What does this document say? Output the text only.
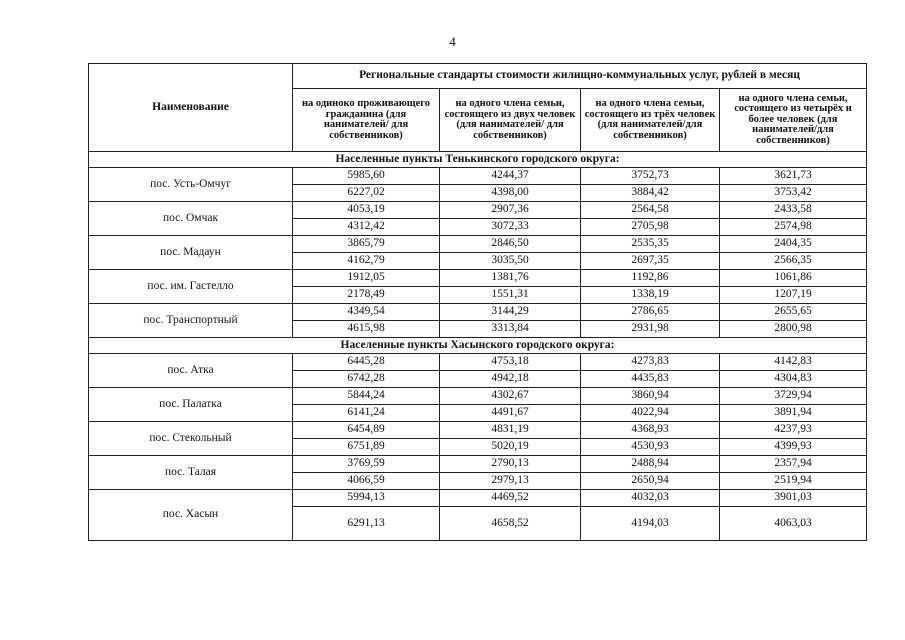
4
Наименование	Региональные стандарты стоимости жилищно-коммунальных услуг, рублей в месяц			
	на одиноко проживающего гражданина (для нанимателей/ для собственников)	на одного члена семьи, состоящего из двух человек (для нанимателей/ для собственников)	на одного члена семьи, состоящего из трёх человек (для нанимателей/для собственников)	на одного члена семьи, состоящего из четырёх и более человек (для нанимателей/для собственников)
Населенные пункты Тенькинского городского округа:				
пос. Усть-Омчуг	5985,60	4244,37	3752,73	3621,73
	6227,02	4398,00	3884,42	3753,42
пос. Омчак	4053,19	2907,36	2564,58	2433,58
	4312,42	3072,33	2705,98	2574,98
пос. Мадаун	3865,79	2846,50	2535,35	2404,35
	4162,79	3035,50	2697,35	2566,35
пос. им. Гастелло	1912,05	1381,76	1192,86	1061,86
	2178,49	1551,31	1338,19	1207,19
пос. Транспортный	4349,54	3144,29	2786,65	2655,65
	4615,98	3313,84	2931,98	2800,98
Населенные пункты Хасынского городского округа:				
пос. Атка	6445,28	4753,18	4273,83	4142,83
	6742,28	4942,18	4435,83	4304,83
пос. Палатка	5844,24	4302,67	3860,94	3729,94
	6141,24	4491,67	4022,94	3891,94
пос. Стекольный	6454,89	4831,19	4368,93	4237,93
	6751,89	5020,19	4530,93	4399,93
пос. Талая	3769,59	2790,13	2488,94	2357,94
	4066,59	2979,13	2650,94	2519,94
пос. Хасын	5994,13	4469,52	4032,03	3901,03
	6291,13	4658,52	4194,03	4063,03
